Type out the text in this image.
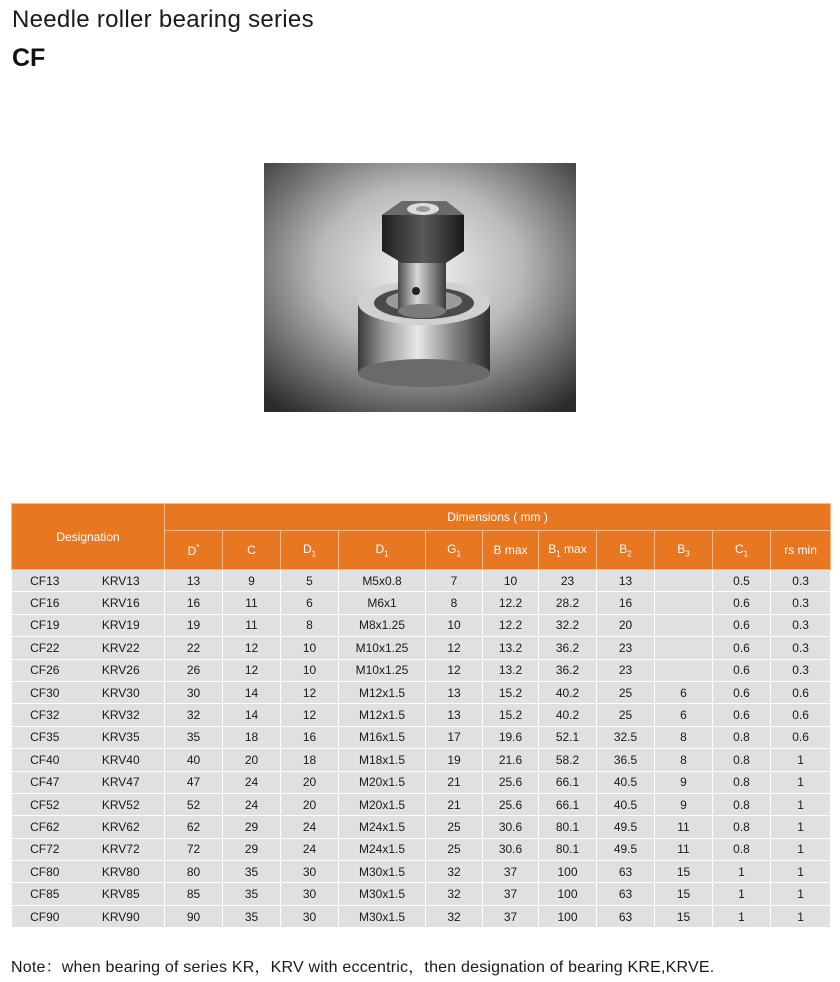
Needle roller bearing series
CF
Designation		Dimensions ( mm )										
		D*	C	$D_1$	$D_1$	$G_1$	B max	$B_1$ max	$B_2$	$B_3$	$C_1$	rs min
CF13	KRV13	13	9	5	M5x0.8	7	10	23	13		0.5	0.3
CF16	KRV16	16	11	6	M6x1	8	12.2	28.2	16		0.6	0.3
CF19	KRV19	19	11	8	M8x1.25	10	12.2	32.2	20		0.6	0.3
CF22	KRV22	22	12	10	M10x1.25	12	13.2	36.2	23		0.6	0.3
CF26	KRV26	26	12	10	M10x1.25	12	13.2	36.2	23		0.6	0.3
CF30	KRV30	30	14	12	M12x1.5	13	15.2	40.2	25	6	0.6	0.6
CF32	KRV32	32	14	12	M12x1.5	13	15.2	40.2	25	6	0.6	0.6
CF35	KRV35	35	18	16	M16x1.5	17	19.6	52.1	32.5	8	0.8	0.6
CF40	KRV40	40	20	18	M18x1.5	19	21.6	58.2	36.5	8	0.8	1
CF47	KRV47	47	24	20	M20x1.5	21	25.6	66.1	40.5	9	0.8	1
CF52	KRV52	52	24	20	M20x1.5	21	25.6	66.1	40.5	9	0.8	1
CF62	KRV62	62	29	24	M24x1.5	25	30.6	80.1	49.5	11	0.8	1
CF72	KRV72	72	29	24	M24x1.5	25	30.6	80.1	49.5	11	0.8	1
CF80	KRV80	80	35	30	M30x1.5	32	37	100	63	15	1	1
CF85	KRV85	85	35	30	M30x1.5	32	37	100	63	15	1	1
CF90	KRV90	90	35	30	M30x1.5	32	37	100	63	15	1	1
Note：when bearing of series KR，KRV with eccentric，then designation of bearing KRE,KRVE.
